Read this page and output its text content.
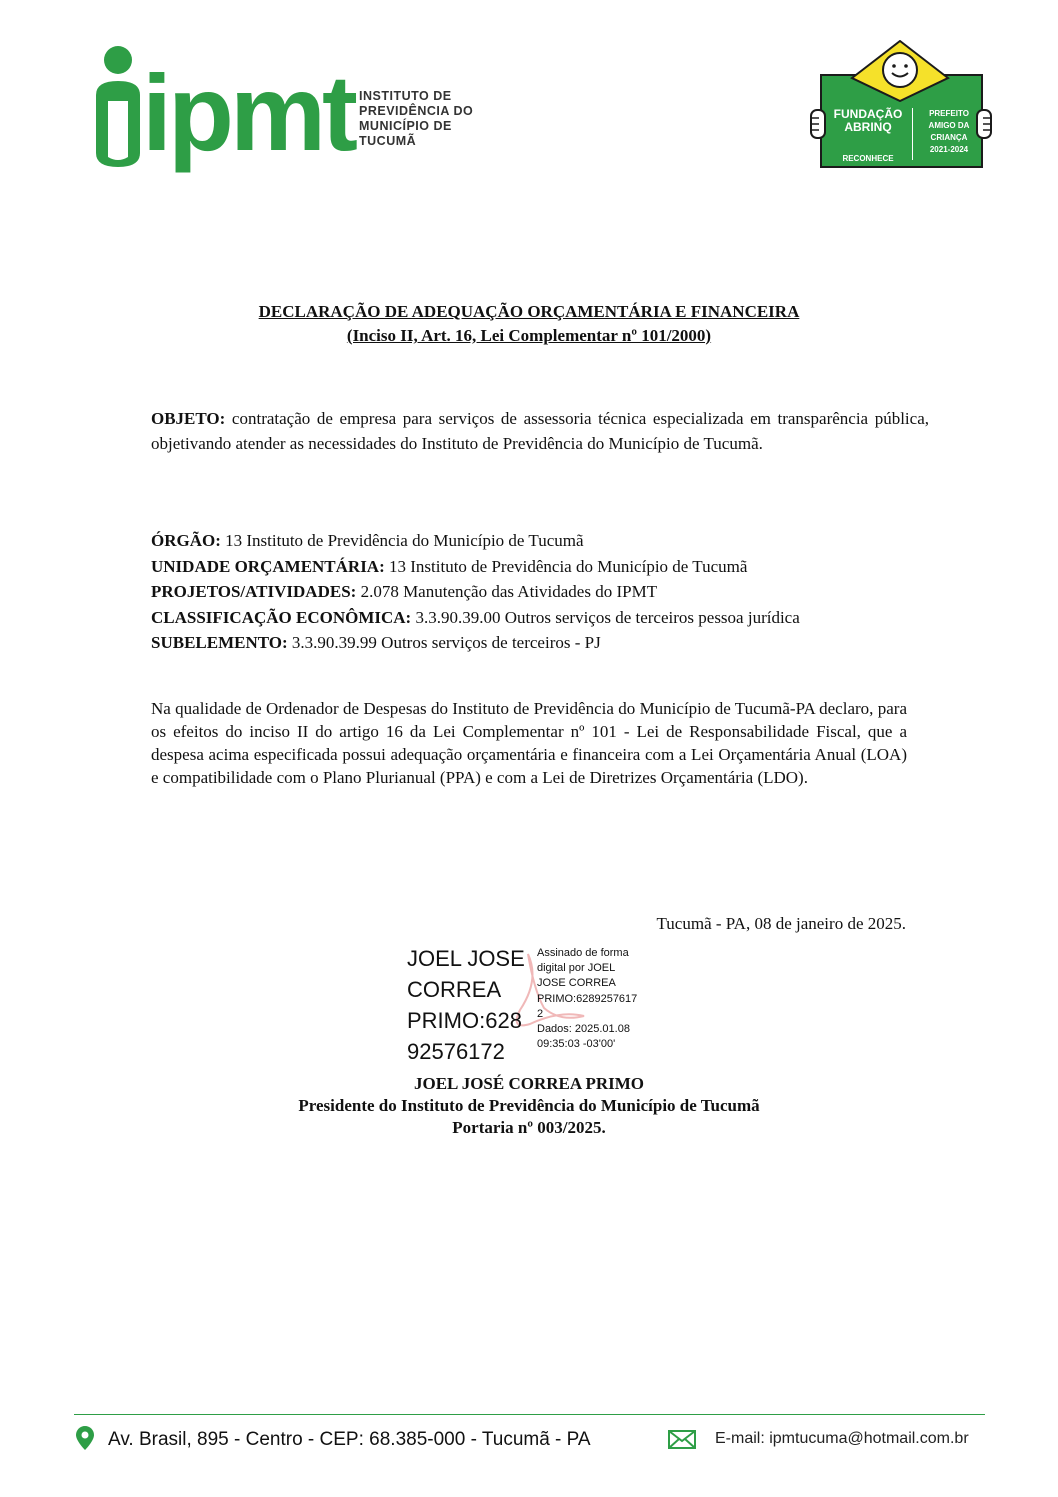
ipmt INSTITUTO DE
PREVIDÊNCIA DO
MUNICÍPIO DE
TUCUMÃ
FUNDAÇÃO
ABRINQ
RECONHECE
PREFEITO
AMIGO DA
CRIANÇA
2021-2024
DECLARAÇÃO DE ADEQUAÇÃO ORÇAMENTÁRIA E FINANCEIRA
(Inciso II, Art. 16, Lei Complementar nº 101/2000)
OBJETO: contratação de empresa para serviços de assessoria técnica especializada em transparência pública, objetivando atender as necessidades do Instituto de Previdência do Município de Tucumã.
ÓRGÃO: 13 Instituto de Previdência do Município de Tucumã
UNIDADE ORÇAMENTÁRIA: 13 Instituto de Previdência do Município de Tucumã
PROJETOS/ATIVIDADES: 2.078 Manutenção das Atividades do IPMT
CLASSIFICAÇÃO ECONÔMICA: 3.3.90.39.00 Outros serviços de terceiros pessoa jurídica
SUBELEMENTO: 3.3.90.39.99 Outros serviços de terceiros - PJ
Na qualidade de Ordenador de Despesas do Instituto de Previdência do Município de Tucumã-PA declaro, para os efeitos do inciso II do artigo 16 da Lei Complementar nº 101 - Lei de Responsabilidade Fiscal, que a despesa acima especificada possui adequação orçamentária e financeira com a Lei Orçamentária Anual (LOA) e compatibilidade com o Plano Plurianual (PPA) e com a Lei de Diretrizes Orçamentária (LDO).
Tucumã - PA, 08 de janeiro de 2025.
JOEL JOSE
CORREA
PRIMO:628
92576172
Assinado de forma
digital por JOEL
JOSE CORREA
PRIMO:6289257617
2
Dados: 2025.01.08
09:35:03 -03'00'
JOEL JOSÉ CORREA PRIMO
Presidente do Instituto de Previdência do Município de Tucumã
Portaria nº 003/2025.
Av. Brasil, 895 - Centro - CEP: 68.385-000 - Tucumã - PA	E-mail: ipmtucuma@hotmail.com.br
